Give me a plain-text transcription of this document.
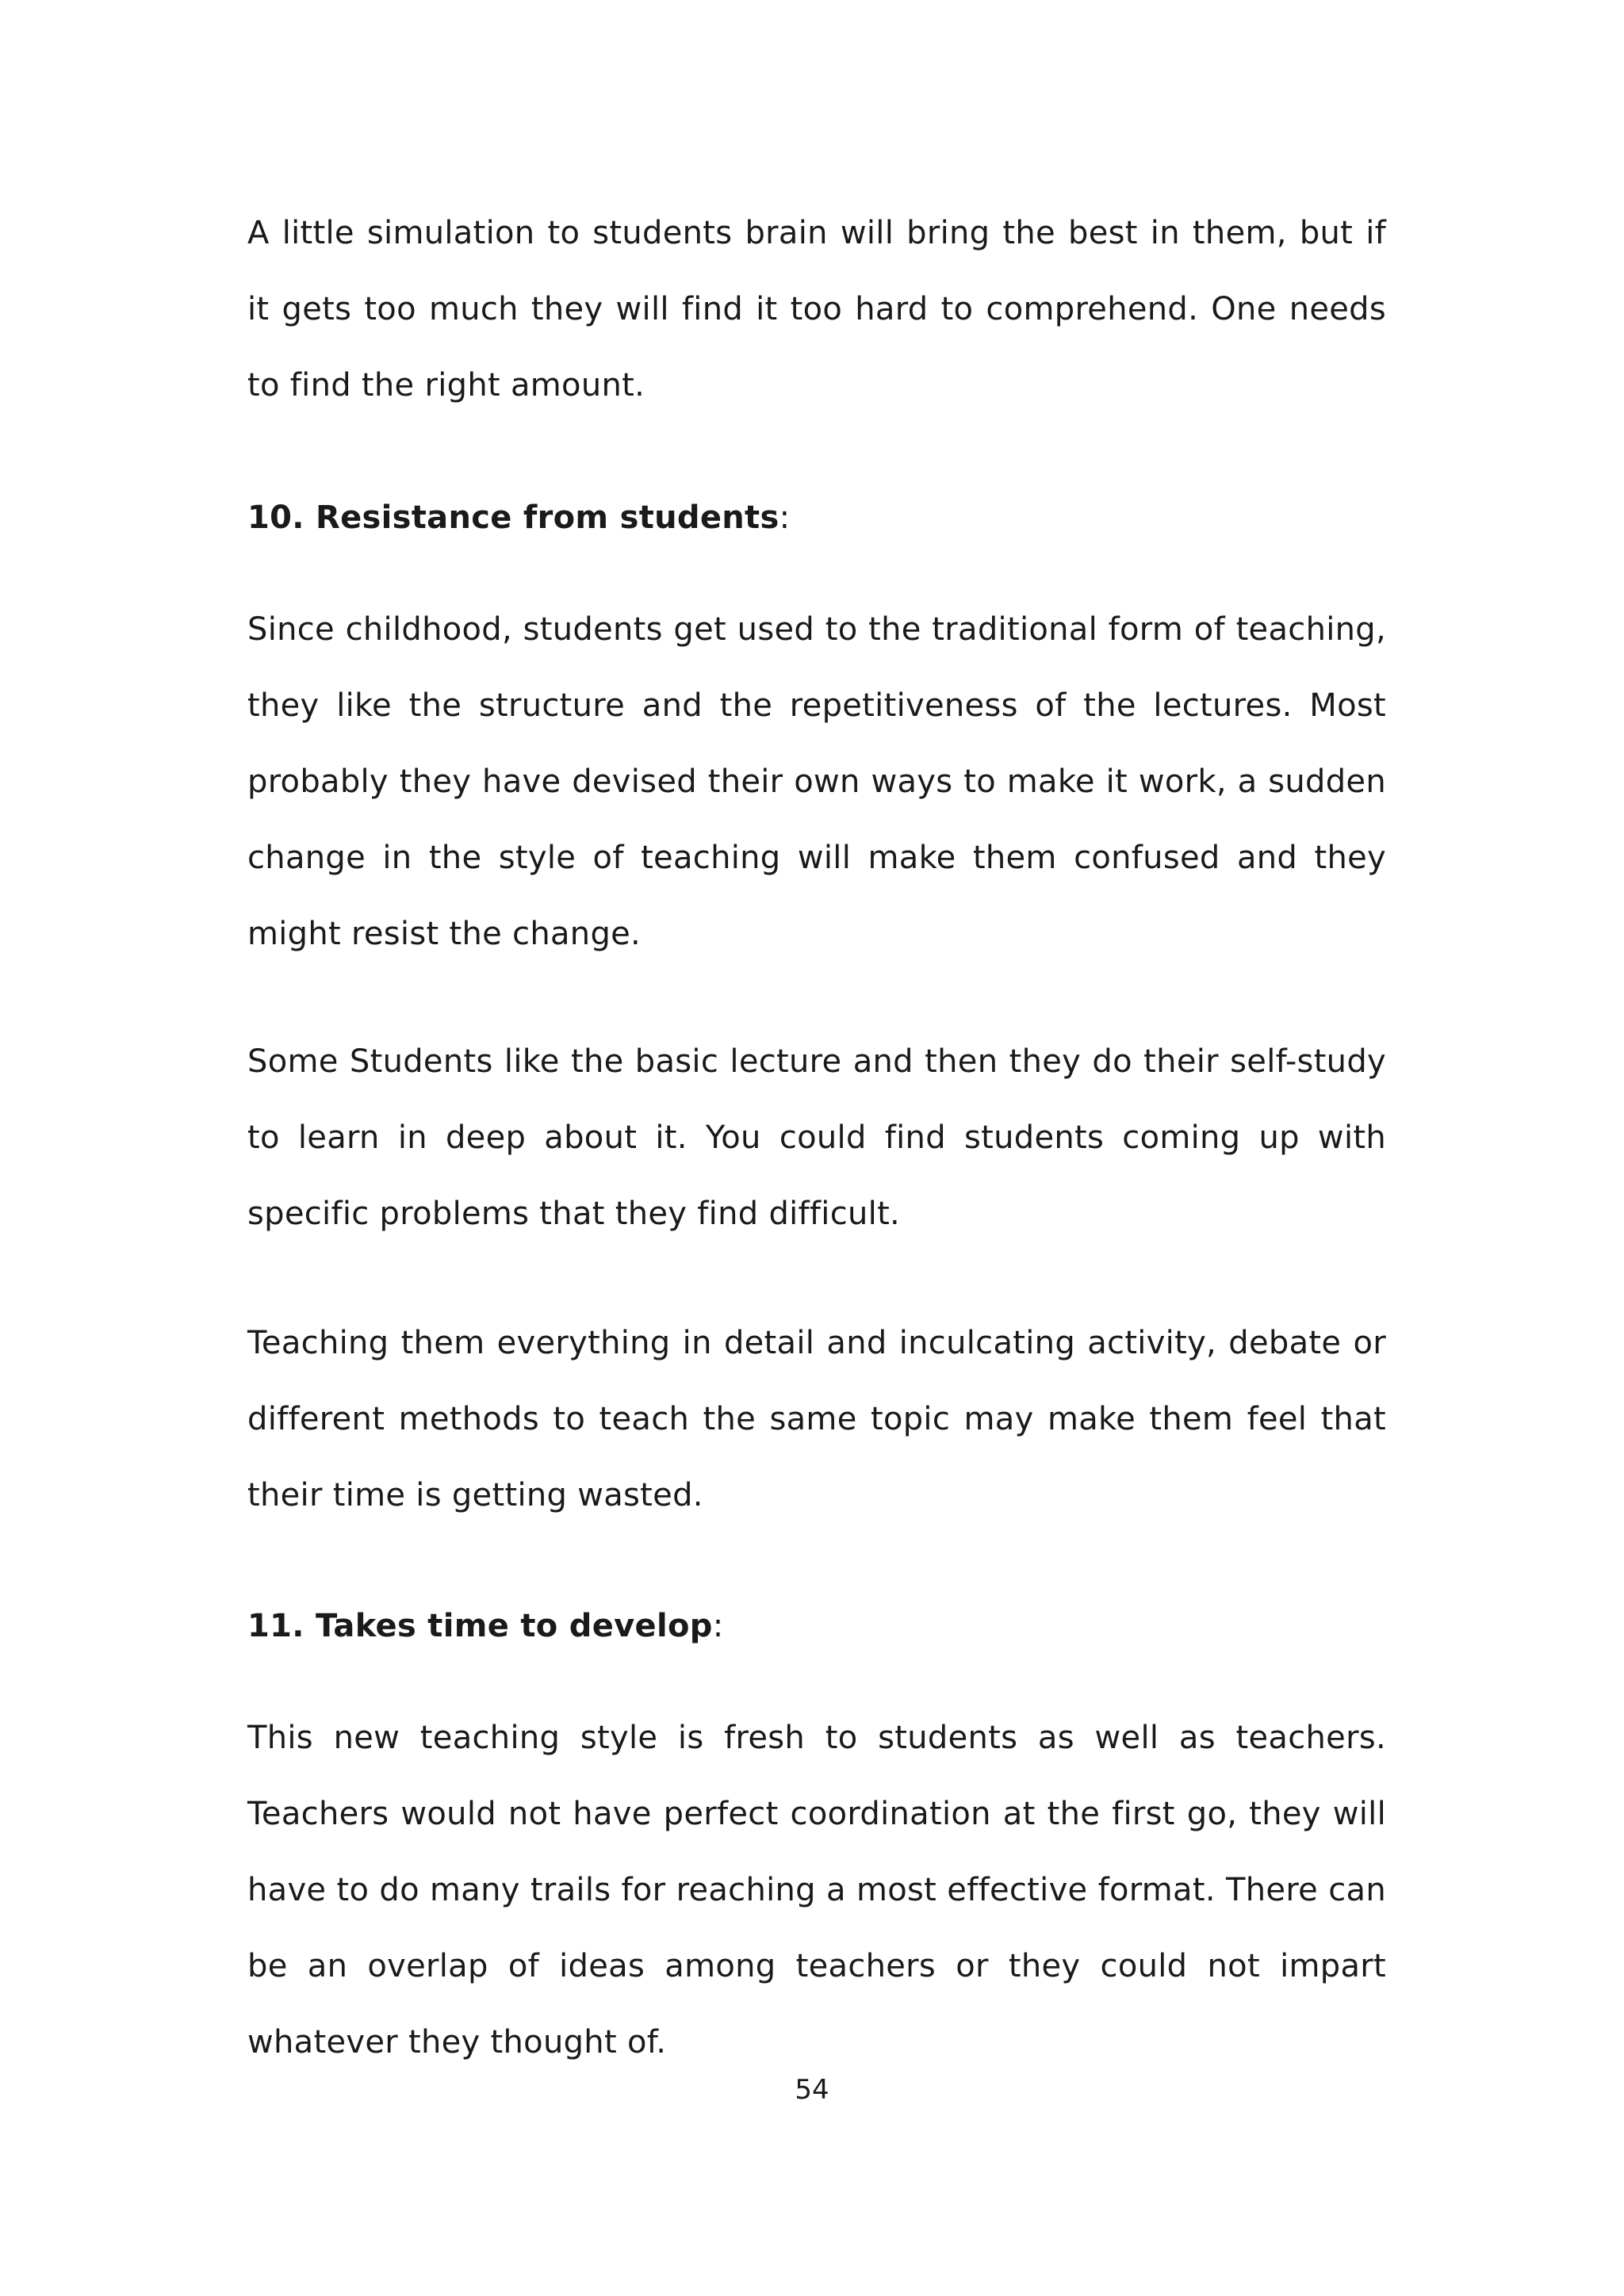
A little simulation to students brain will bring the best in them, but if it gets too much they will find it too hard to comprehend. One needs to find the right amount.

10. Resistance from students:

Since childhood, students get used to the traditional form of teaching, they like the structure and the repetitiveness of the lectures. Most probably they have devised their own ways to make it work, a sudden change in the style of teaching will make them confused and they might resist the change.

Some Students like the basic lecture and then they do their self-study to learn in deep about it. You could find students coming up with specific problems that they find difficult.

Teaching them everything in detail and inculcating activity, debate or different methods to teach the same topic may make them feel that their time is getting wasted.

11. Takes time to develop:

This new teaching style is fresh to students as well as teachers. Teachers would not have perfect coordination at the first go, they will have to do many trails for reaching a most effective format. There can be an overlap of ideas among teachers or they could not impart whatever they thought of.

54
